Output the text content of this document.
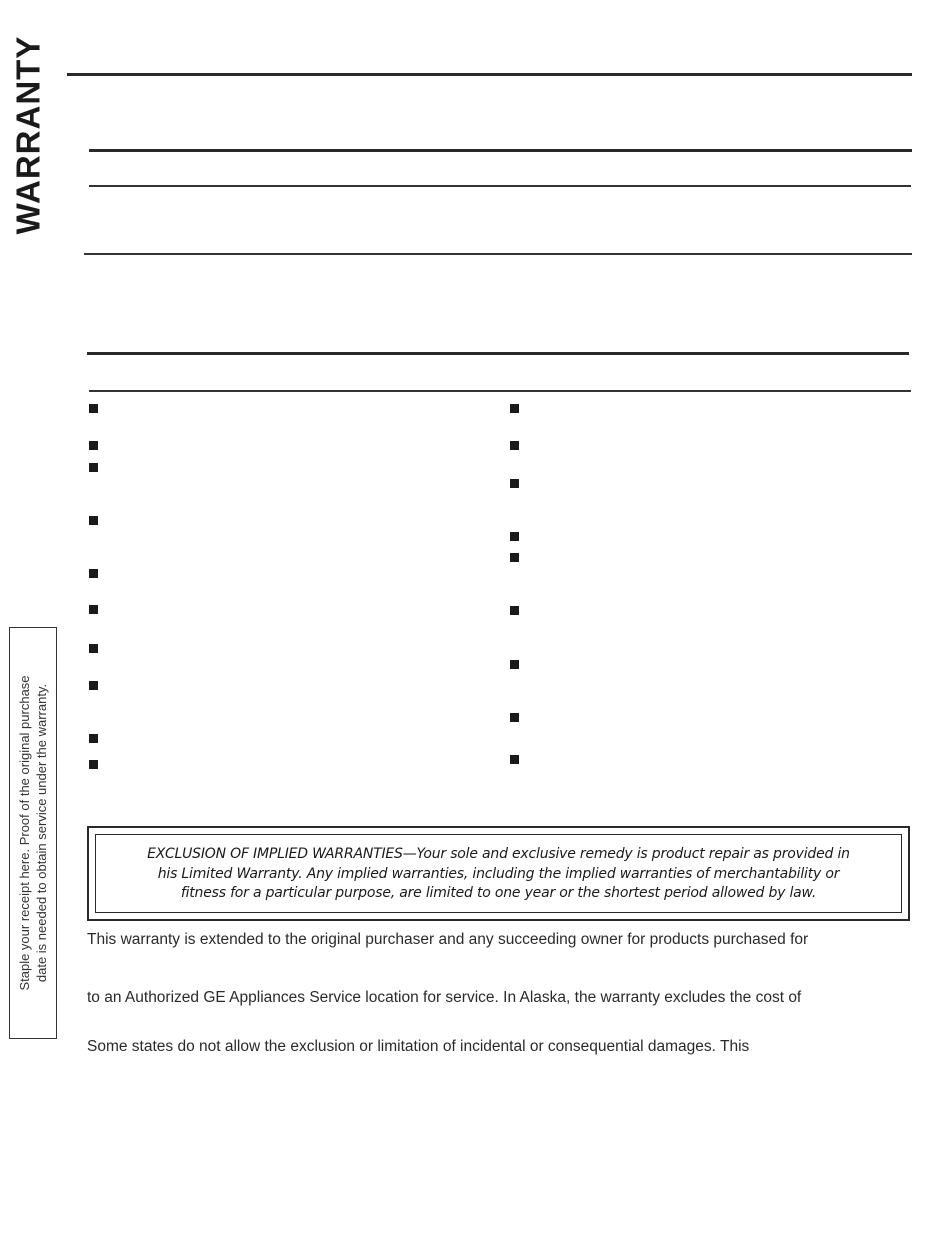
WARRANTY
Staple your receipt here. Proof of the original purchase date is needed to obtain service under the warranty.	EXCLUSION OF IMPLIED WARRANTIES—Your sole and exclusive remedy is product repair as provided in
his Limited Warranty. Any implied warranties, including the implied warranties of merchantability or
fitness for a particular purpose, are limited to one year or the shortest period allowed by law.
This warranty is extended to the original purchaser and any succeeding owner for products purchased for
to an Authorized GE Appliances Service location for service. In Alaska, the warranty excludes the cost of
Some states do not allow the exclusion or limitation of incidental or consequential damages. This
